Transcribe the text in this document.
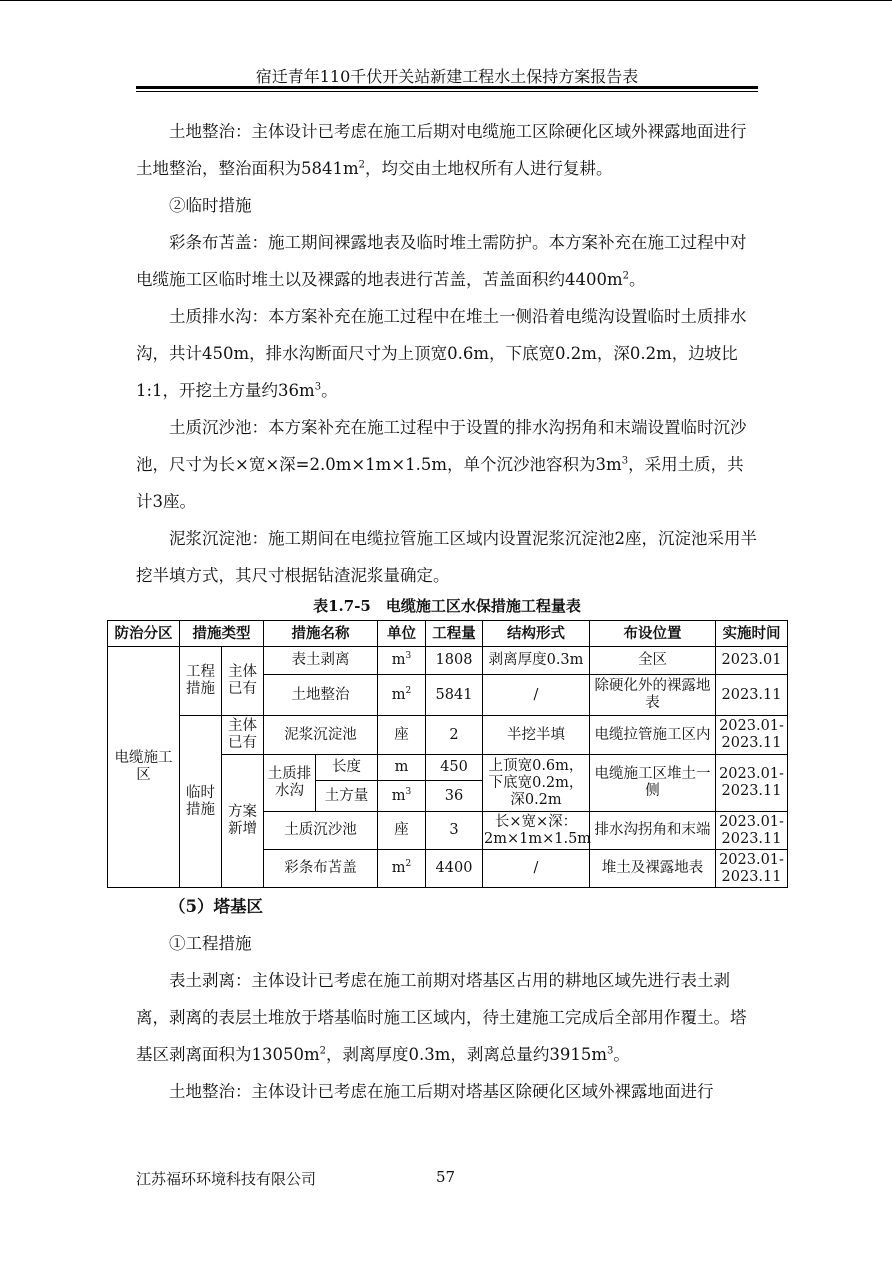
宿迁青年110千伏开关站新建工程水土保持方案报告表

土地整治：主体设计已考虑在施工后期对电缆施工区除硬化区域外裸露地面进行土地整治，整治面积为$5841m^2$，均交由土地权所有人进行复耕。

②临时措施

彩条布苫盖：施工期间裸露地表及临时堆土需防护。本方案补充在施工过程中对电缆施工区临时堆土以及裸露的地表进行苫盖，苫盖面积约$4400m^2$。

土质排水沟：本方案补充在施工过程中在堆土一侧沿着电缆沟设置临时土质排水沟，共计450m，排水沟断面尺寸为上顶宽0.6m，下底宽0.2m，深0.2m，边坡比1:1，开挖土方量约$36m^3$。

土质沉沙池：本方案补充在施工过程中于设置的排水沟拐角和末端设置临时沉沙池，尺寸为长×宽×深=2.0m×1m×1.5m，单个沉沙池容积为$3m^3$，采用土质，共计3座。

泥浆沉淀池：施工期间在电缆拉管施工区域内设置泥浆沉淀池2座，沉淀池采用半挖半填方式，其尺寸根据钻渣泥浆量确定。

表1.7-5　电缆施工区水保措施工程量表
防治分区	措施类型		措施名称		单位	工程量	结构形式	布设位置	实施时间
电缆施工区	工程措施	主体已有	表土剥离		$m^3$	1808	剥离厚度0.3m	全区	2023.01
			土地整治		$m^2$	5841	/	除硬化外的裸露地表	2023.11
	临时措施	主体已有	泥浆沉淀池		座	2	半挖半填	电缆拉管施工区内	2023.01-2023.11
		方案新增	土质排水沟	长度	m	450	上顶宽0.6m，下底宽0.2m，深0.2m	电缆施工区堆土一侧	2023.01-2023.11
				土方量	$m^3$	36			
			土质沉沙池		座	3	长×宽×深：2m×1m×1.5m	排水沟拐角和末端	2023.01-2023.11
			彩条布苫盖		$m^2$	4400	/	堆土及裸露地表	2023.01-2023.11

（5）塔基区

①工程措施

表土剥离：主体设计已考虑在施工前期对塔基区占用的耕地区域先进行表土剥离，剥离的表层土堆放于塔基临时施工区域内，待土建施工完成后全部用作覆土。塔基区剥离面积为$13050m^2$，剥离厚度0.3m，剥离总量约$3915m^3$。

土地整治：主体设计已考虑在施工后期对塔基区除硬化区域外裸露地面进行

江苏福环环境科技有限公司	57
